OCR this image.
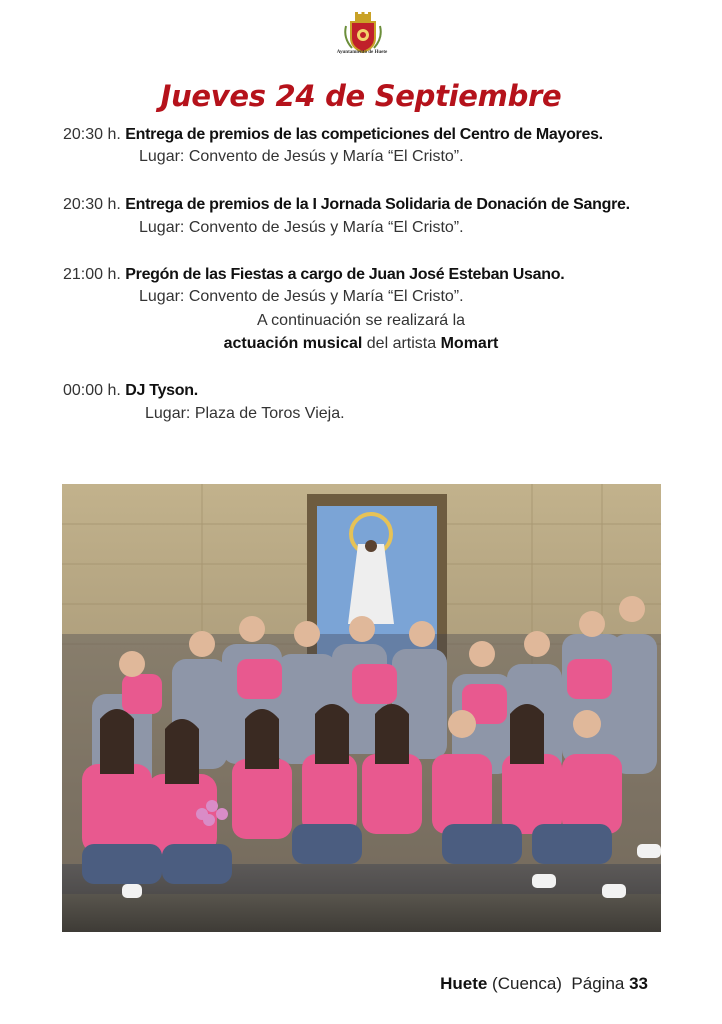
Ayuntamiento de Huete
Jueves 24 de Septiembre
20:30 h. Entrega de premios de las competiciones del Centro de Mayores.
Lugar: Convento de Jesús y María “El Cristo”.
20:30 h. Entrega de premios de la I Jornada Solidaria de Donación de Sangre.
Lugar: Convento de Jesús y María “El Cristo”.
21:00 h. Pregón de las Fiestas a cargo de Juan José Esteban Usano.
Lugar: Convento de Jesús y María “El Cristo”.
A continuación se realizará la
actuación musical del artista Momart
00:00 h. DJ Tyson.
Lugar: Plaza de Toros Vieja.
Huete (Cuenca)  Página 33
